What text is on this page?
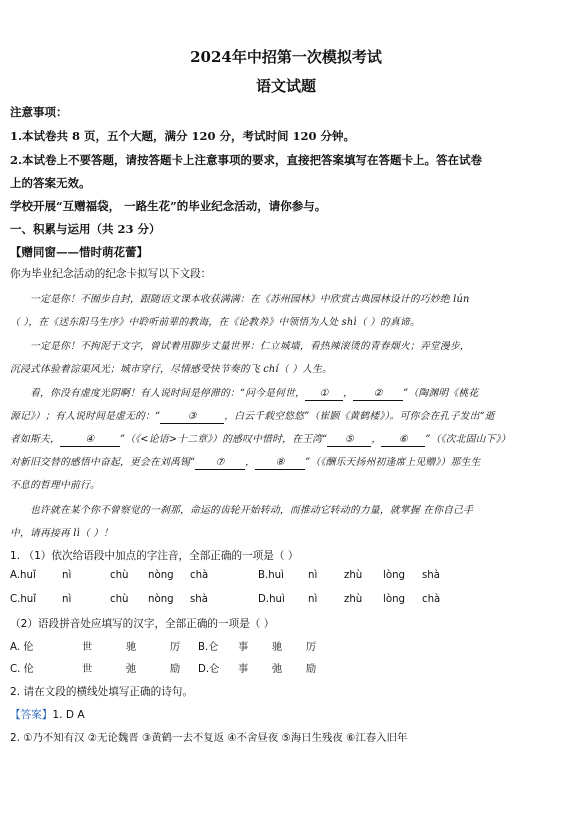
2024年中招第一次模拟考试
语文试题
注意事项：
1.本试卷共 8 页，五个大题，满分 120 分，考试时间 120 分钟。
2.本试卷上不要答题，请按答题卡上注意事项的要求，直接把答案填写在答题卡上。答在试卷
上的答案无效。
学校开展“互赠福袋， 一路生花”的毕业纪念活动，请你参与。
一、积累与运用（共 23 分）
【赠同窗——惜时萌花蕾】
你为毕业纪念活动的纪念卡拟写以下文段：
一定是你！不囿步自封，跟随语文课本收获满满：在《苏州园林》中欣赏古典园林设计的巧妙绝 lún
（ ），在《送东阳马生序》中聆听前辈的教诲，在《论教养》中领悟为人处 shì（ ）的真谛。
一定是你！不拘泥于文字，曾试着用脚步丈量世界：仁立城墙，看热辣滚烫的青春烟火；弄堂漫步，
沉浸式体验着淙渠风光；城市穿行，尽情感受快节奏的飞 chí（ ）人生。
看，你没有虚度光阴啊！有人说时间是停滞的：“问今是何世， ① ， ② ”（陶渊明《桃花
源记》）；有人说时间是虚无的：“	③	，白云千载空悠悠”（崔颢《黄鹤楼》）。可你会在孔子发出“逝
者如斯夫，	④	”（《<论语>十二章》）的感叹中惜时，在王湾“ ⑤ ， ⑥ ”（《次北固山下》）
对新旧交替的感悟中奋起，更会在刘禹锡“ ⑦ ， ⑧ ”（《酬乐天扬州初逢席上见赠》）那生生
不息的哲理中前行。
也许就在某个你不曾察觉的一刹那，命运的齿轮开始转动，而推动它转动的力量，就掌握 在你自己手
中，请再接再 lì（ ）！
1. （1）依次给语段中加点的字注音，全部正确的一项是（ ）
A.huǐ	nì	chù nòng chà	B.huì nì	zhù lòng shà
C.huǐ	nì	chù nòng shà	D.huì nì	zhù lòng chà
（2）语段拼音处应填写的汉字，全部正确的一项是（ ）
A. 伦	世	驰	厉 B.仑 事 驰 厉
C. 伦	世	弛	励 D.仑 事 弛 励
2. 请在文段的横线处填写正确的诗句。
【答案】1. D A
2. ①乃不知有汉 ②无论魏晋 ③黄鹤一去不复返 ④不舍昼夜 ⑤海日生残夜 ⑥江春入旧年
